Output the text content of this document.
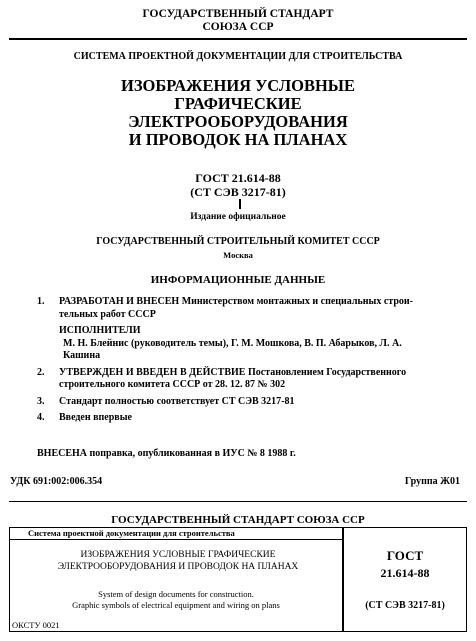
ГОСУДАРСТВЕННЫЙ СТАНДАРТ
СОЮЗА ССР
СИСТЕМА ПРОЕКТНОЙ ДОКУМЕНТАЦИИ ДЛЯ СТРОИТЕЛЬСТВА
ИЗОБРАЖЕНИЯ УСЛОВНЫЕ
ГРАФИЧЕСКИЕ
ЭЛЕКТРООБОРУДОВАНИЯ
И ПРОВОДОК НА ПЛАНАХ
ГОСТ 21.614-88
(СТ СЭВ 3217-81)
Издание официальное
ГОСУДАРСТВЕННЫЙ СТРОИТЕЛЬНЫЙ КОМИТЕТ СССР
Москва
ИНФОРМАЦИОННЫЕ ДАННЫЕ
1. РАЗРАБОТАН И ВНЕСЕН Министерством монтажных и специальных строи-
тельных работ СССР
ИСПОЛНИТЕЛИ
М. Н. Блейнис (руководитель темы), Г. М. Мошкова, В. П. Абарыков, Л. А.
Кашина
2. УТВЕРЖДЕН И ВВЕДЕН В ДЕЙСТВИЕ Постановлением Государственного
строительного комитета СССР от 28. 12. 87 № 302
3. Стандарт полностью соответствует СТ СЭВ 3217-81
4. Введен впервые
ВНЕСЕНА поправка, опубликованная в ИУС № 8 1988 г.
УДК 691:002:006.354	Группа Ж01
ГОСУДАРСТВЕННЫЙ СТАНДАРТ СОЮЗА ССР
Система проектной документации для строительства
ИЗОБРАЖЕНИЯ УСЛОВНЫЕ ГРАФИЧЕСКИЕ
ЭЛЕКТРООБОРУДОВАНИЯ И ПРОВОДОК НА ПЛАНАХ
System of design documents for construction.
Graphic symbols of electrical equipment and wiring on plans
ОКСТУ 0021
ГОСТ
21.614-88
(СТ СЭВ 3217-81)
